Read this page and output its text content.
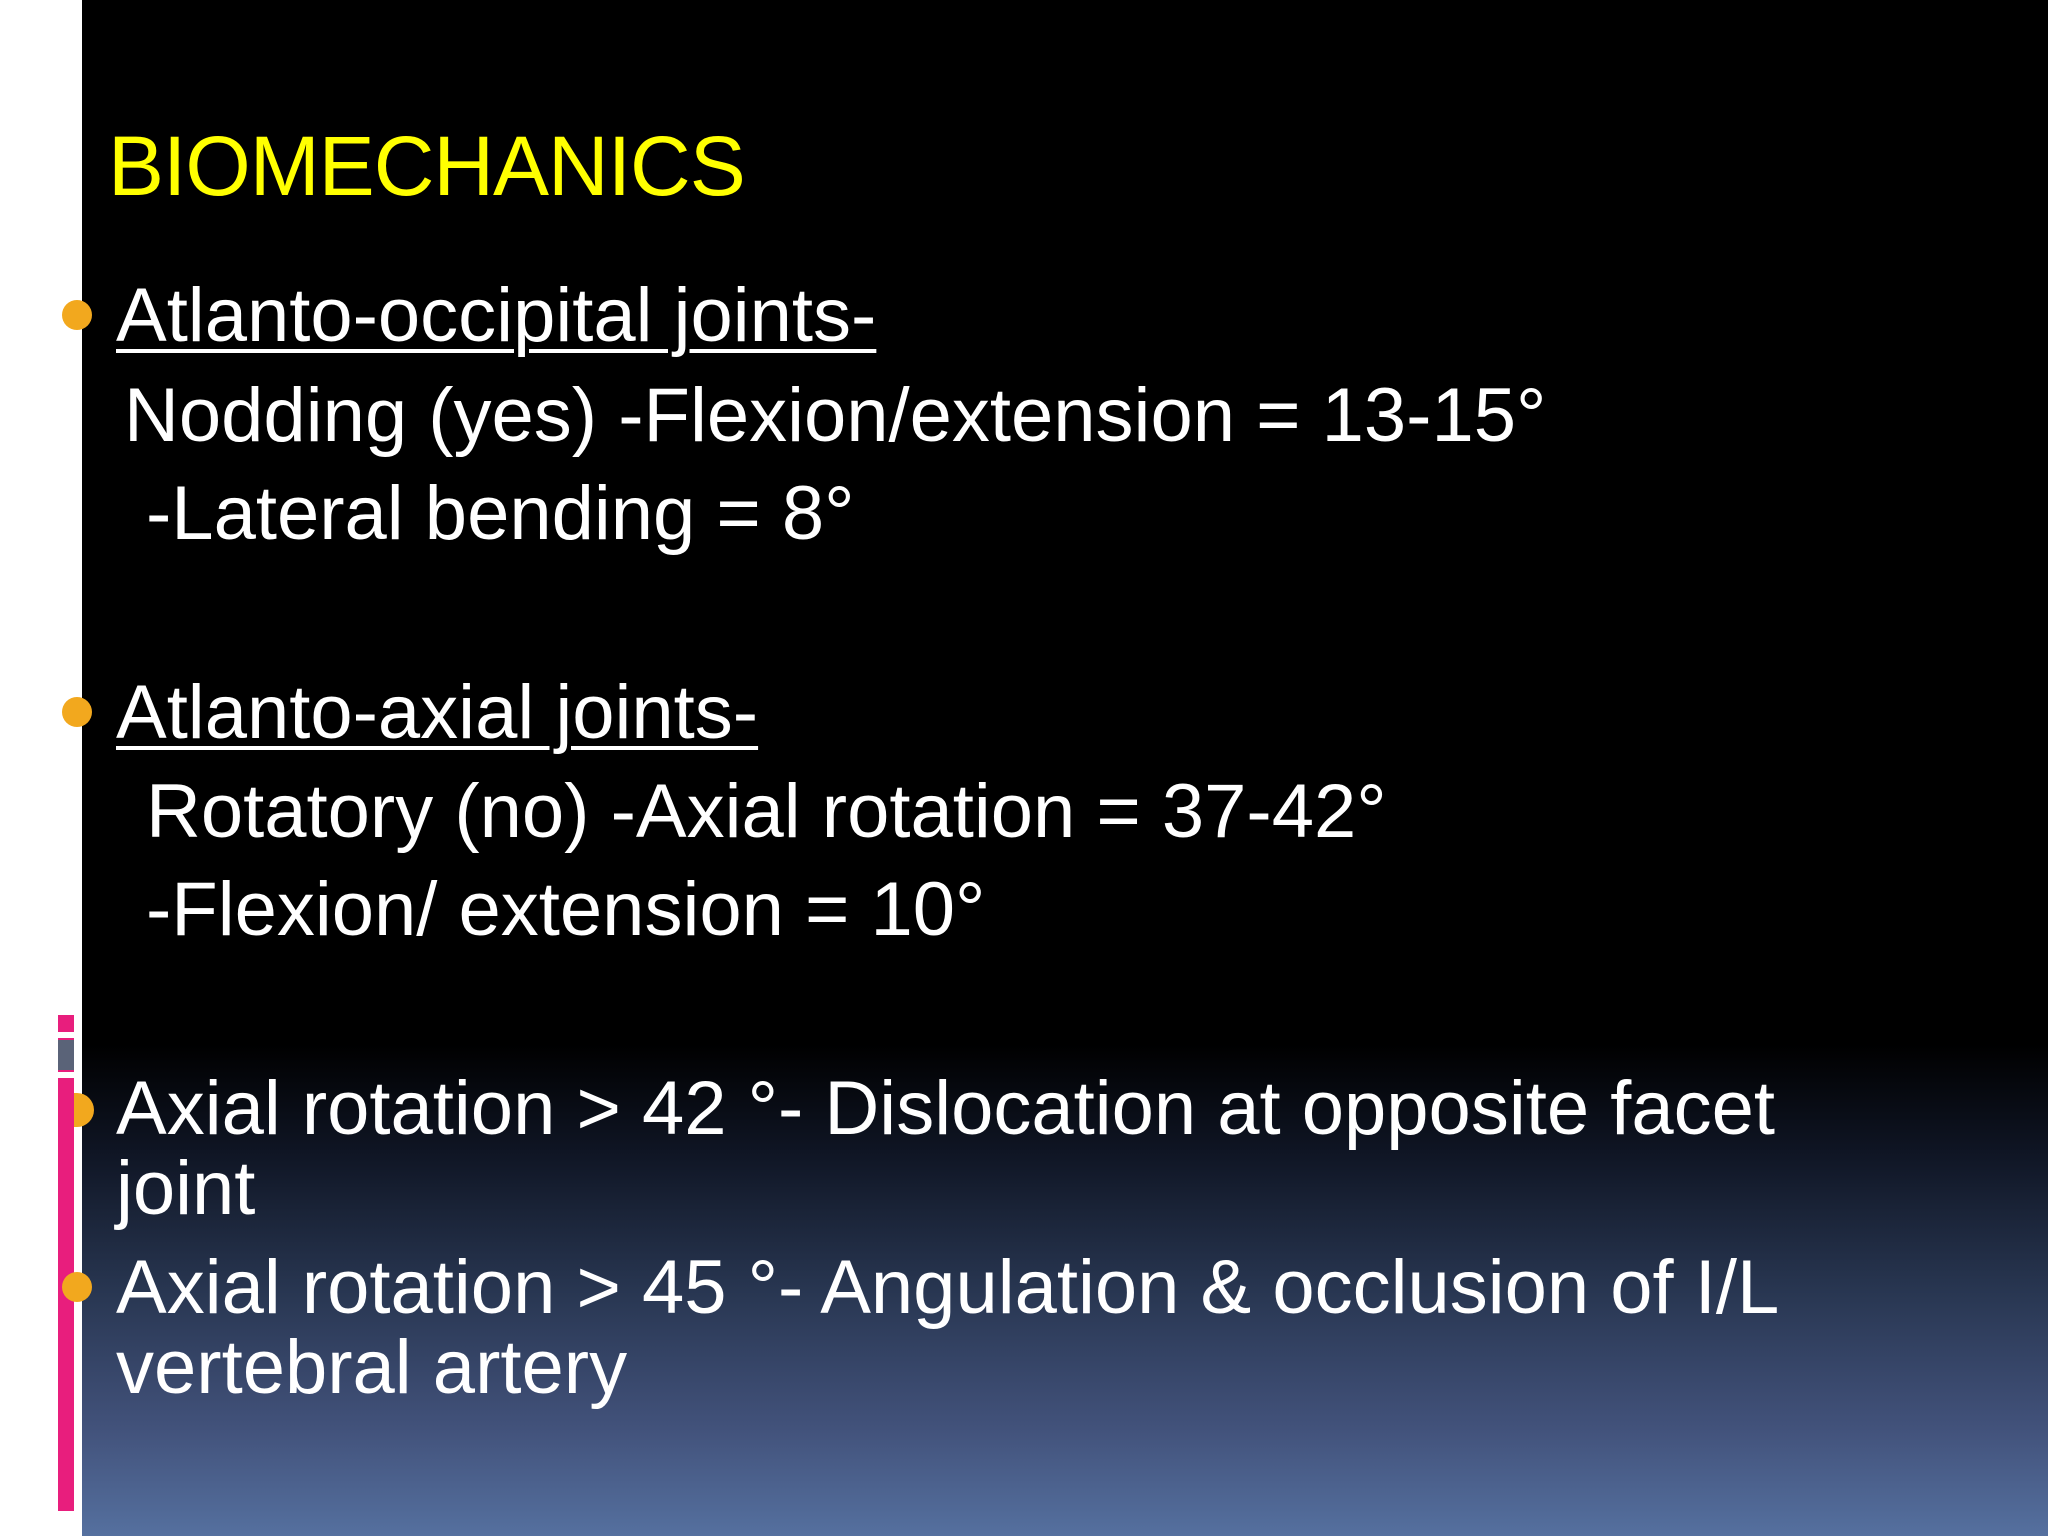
BIOMECHANICS
Atlanto-occipital joints-
Nodding (yes) -Flexion/extension = 13-15°
-Lateral bending = 8°
Atlanto-axial joints-
Rotatory (no) -Axial rotation = 37-42°
-Flexion/ extension = 10°
Axial rotation > 42 °- Dislocation at opposite facet
joint
Axial rotation > 45 °- Angulation & occlusion of I/L
vertebral artery
